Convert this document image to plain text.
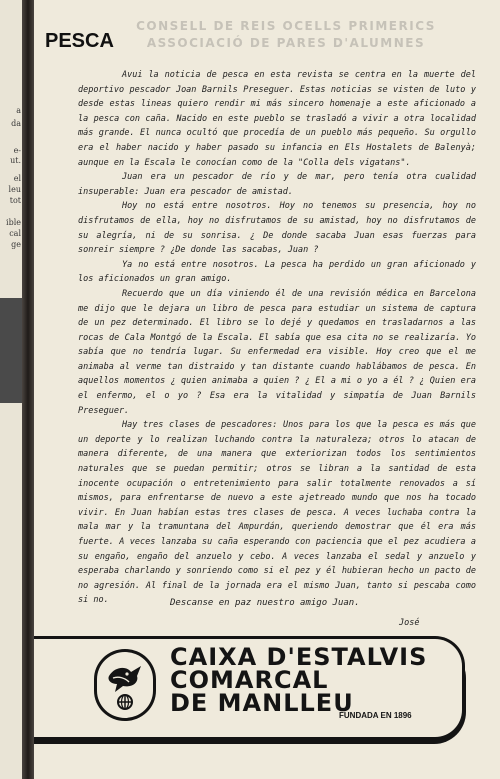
a
da
e-
ut.
el
leu
tot
ible
cal
ge
CONSELL DE REIS OCELLS PRIMERICS
ASSOCIACIÓ DE PARES D'ALUMNES
PESCA

Avui la noticia de pesca en esta revista se centra en la muerte del deportivo pescador Joan Barnils Preseguer. Estas noticias se visten de luto y desde estas lineas quiero rendir mi más sincero homenaje a este aficionado a la pesca con caña. Nacido en este pueblo se trasladó a vivir a otra localidad más grande. El nunca ocultó que procedía de un pueblo más pequeño. Su orgullo era el haber nacido y haber pasado su infancia en Els Hostalets de Balenyà; aunque en la Escala le conocían como de la "Colla dels vigatans".

Juan era un pescador de río y de mar, pero tenía otra cualidad insuperable: Juan era pescador de amistad.

Hoy no está entre nosotros. Hoy no tenemos su presencia, hoy no disfrutamos de ella, hoy no disfrutamos de su amistad, hoy no disfrutamos de su alegría, ni de su sonrisa. ¿ De donde sacaba Juan esas fuerzas para sonreir siempre ? ¿De donde las sacabas, Juan ?

Ya no está entre nosotros. La pesca ha perdido un gran aficionado y los aficionados un gran amigo.

Recuerdo que un día viniendo él de una revisión médica en Barcelona me dijo que le dejara un libro de pesca para estudiar un sistema de captura de un pez determinado. El libro se lo dejé y quedamos en trasladarnos a las rocas de Cala Montgó de la Escala. El sabía que esa cita no se realizaría. Yo sabía que no tendría lugar. Su enfermedad era visible. Hoy creo que el me animaba al verme tan distraido y tan distante cuando hablábamos de pesca. En aquellos momentos ¿ quien animaba a quien ? ¿ El a mi o yo a él ? ¿ Quien era el enfermo, el o yo ? Esa era la vitalidad y simpatía de Juan Barnils Preseguer.

Hay tres clases de pescadores: Unos para los que la pesca es más que un deporte y lo realizan luchando contra la naturaleza; otros lo atacan de manera diferente, de una manera que exteriorizan todos los sentimientos naturales que se puedan permitir; otros se libran a la santidad de esta inocente ocupación o entretenimiento para salir totalmente renovados a sí mismos, para enfrentarse de nuevo a este ajetreado mundo que nos ha tocado vivir. En Juan habían estas tres clases de pesca. A veces luchaba contra la mala mar y la tramuntana del Ampurdán, queriendo demostrar que él era más fuerte. A veces lanzaba su caña esperando con paciencia que el pez acudiera a su engaño, engaño del anzuelo y cebo. A veces lanzaba el sedal y anzuelo y esperaba charlando y sonriendo como si el pez y él hubieran hecho un pacto de no agresión. Al final de la jornada era el mismo Juan, tanto si pescaba como si no.	Descanse en paz nuestro amigo Juan.
José
CAIXA D'ESTALVIS
COMARCAL
DE MANLLEU
FUNDADA EN 1896
